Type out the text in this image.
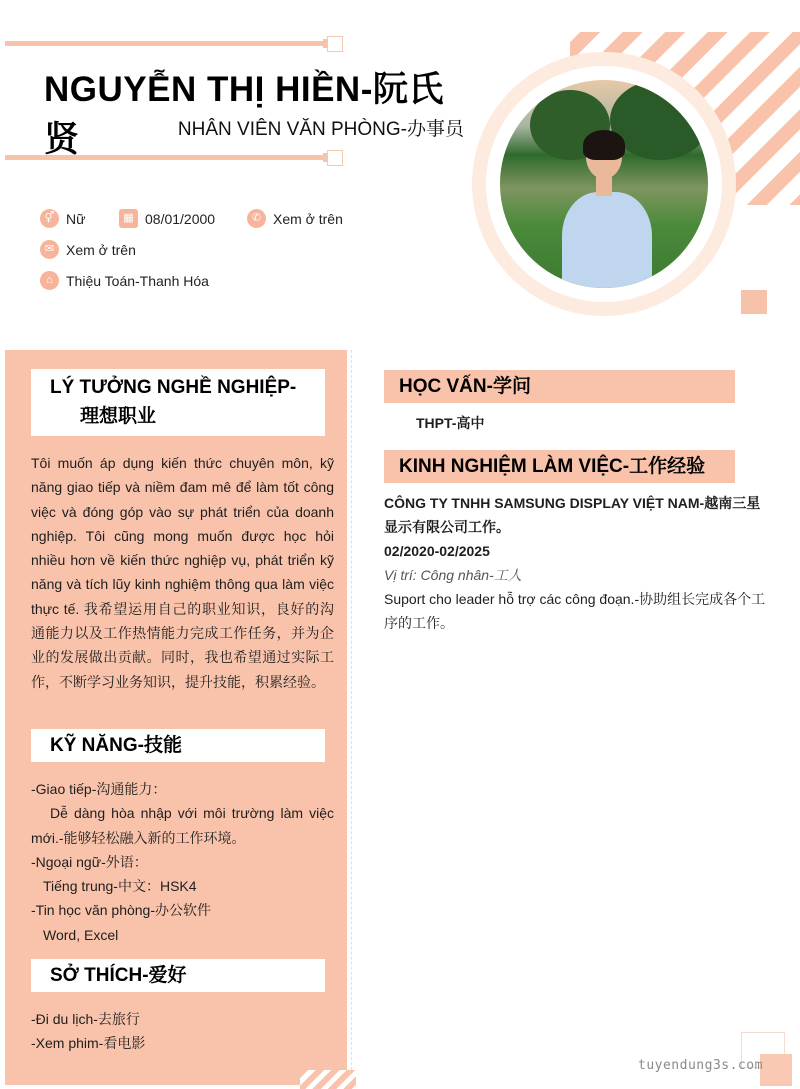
NGUYỄN THỊ HIỀN-阮氏贤	NHÂN VIÊN VĂN PHÒNG-办事员
⚥ Nữ	▦ 08/01/2000	✆ Xem ở trên
✉ Xem ở trên
⌂ Thiệu Toán-Thanh Hóa
LÝ TƯỞNG NGHỀ NGHIỆP-
理想职业
Tôi muốn áp dụng kiến thức chuyên môn, kỹ năng giao tiếp và niềm đam mê để làm tốt công việc và đóng góp vào sự phát triển của doanh nghiệp. Tôi cũng mong muốn được học hỏi nhiều hơn về kiến thức nghiệp vụ, phát triển kỹ năng và tích lũy kinh nghiệm thông qua làm việc thực tế. 我希望运用自己的职业知识，良好的沟通能力以及工作热情能力完成工作任务，并为企业的发展做出贡献。同时，我也希望通过实际工作，不断学习业务知识，提升技能，积累经验。
KỸ NĂNG-技能
-Giao tiếp-沟通能力：
Dễ dàng hòa nhập với môi trường làm việc mới.-能够轻松融入新的工作环境。
-Ngoại ngữ-外语：
Tiếng trung-中文：HSK4
-Tin học văn phòng-办公软件
Word, Excel
SỞ THÍCH-爱好
-Đi du lịch-去旅行
-Xem phim-看电影
HỌC VẤN-学问
THPT-高中
KINH NGHIỆM LÀM VIỆC-工作经验
CÔNG TY TNHH SAMSUNG DISPLAY VIỆT NAM-越南三星显示有限公司工作。
02/2020-02/2025
Vị trí: Công nhân-工人
Suport cho leader hỗ trợ các công đoạn.-协助组长完成各个工序的工作。
tuyendung3s.com
